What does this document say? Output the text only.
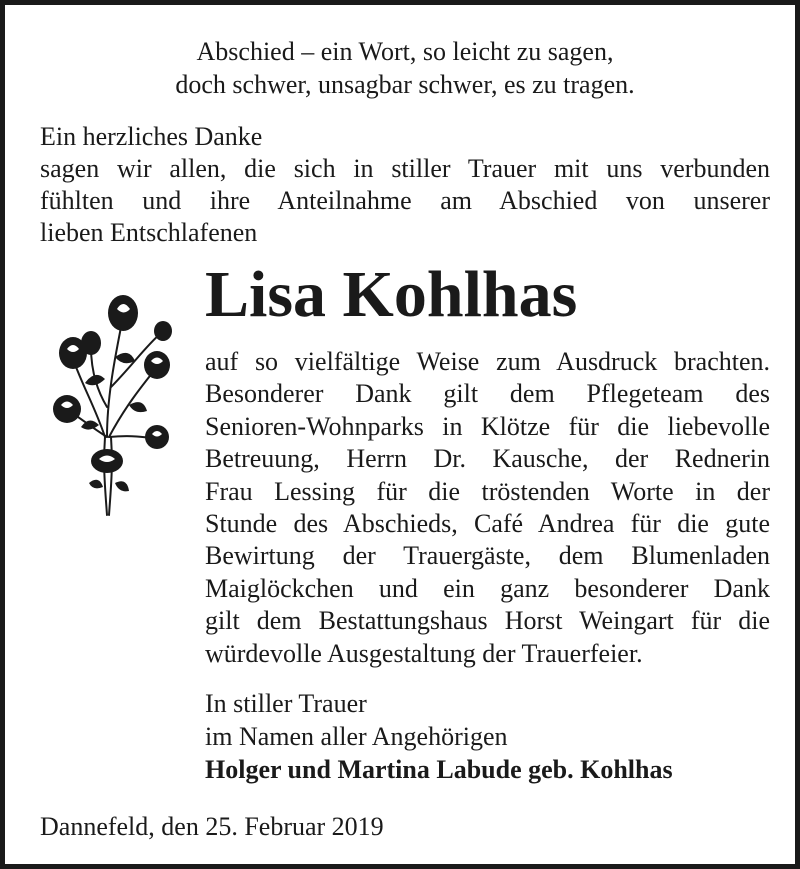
Abschied – ein Wort, so leicht zu sagen,
doch schwer, unsagbar schwer, es zu tragen.
Ein herzliches Danke
sagen wir allen, die sich in stiller Trauer mit uns verbunden
fühlten und ihre Anteilnahme am Abschied von unserer
lieben Entschlafenen
Lisa Kohlhas
auf so vielfältige Weise zum Ausdruck brachten.
Besonderer Dank gilt dem Pflegeteam des
Senioren-Wohnparks in Klötze für die liebevolle
Betreuung, Herrn Dr. Kausche, der Rednerin
Frau Lessing für die tröstenden Worte in der
Stunde des Abschieds, Café Andrea für die gute
Bewirtung der Trauergäste, dem Blumenladen
Maiglöckchen und ein ganz besonderer Dank
gilt dem Bestattungshaus Horst Weingart für die
würdevolle Ausgestaltung der Trauerfeier.
In stiller Trauer
im Namen aller Angehörigen
Holger und Martina Labude geb. Kohlhas
Dannefeld, den 25. Februar 2019
